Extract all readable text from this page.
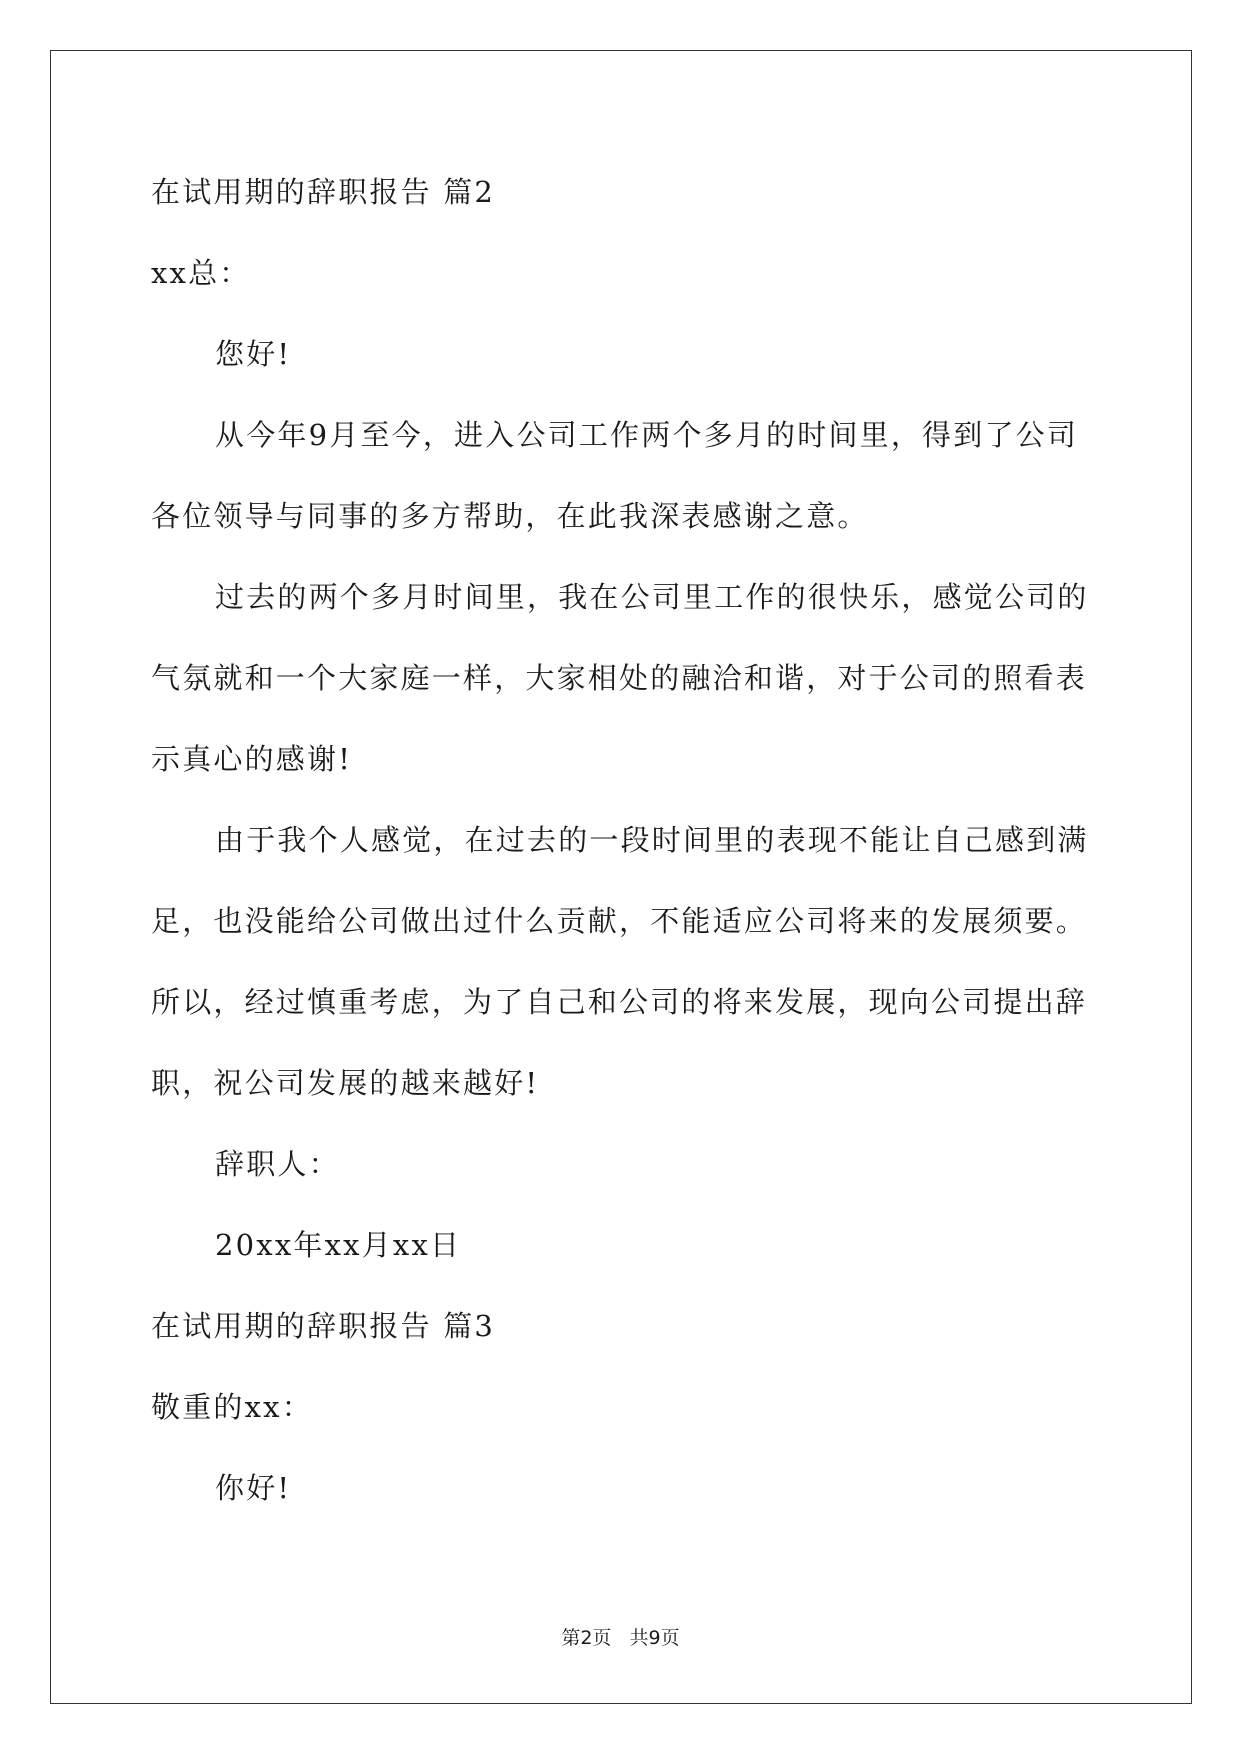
在试用期的辞职报告 篇2
xx总：
您好!
从今年9月至今，进入公司工作两个多月的时间里，得到了公司
各位领导与同事的多方帮助，在此我深表感谢之意。
过去的两个多月时间里，我在公司里工作的很快乐，感觉公司的
气氛就和一个大家庭一样，大家相处的融洽和谐，对于公司的照看表
示真心的感谢!
由于我个人感觉，在过去的一段时间里的表现不能让自己感到满
足，也没能给公司做出过什么贡献，不能适应公司将来的发展须要。
所以，经过慎重考虑，为了自己和公司的将来发展，现向公司提出辞
职，祝公司发展的越来越好!
辞职人：
20xx年xx月xx日
在试用期的辞职报告 篇3
敬重的xx：
你好!
第2页   共9页
